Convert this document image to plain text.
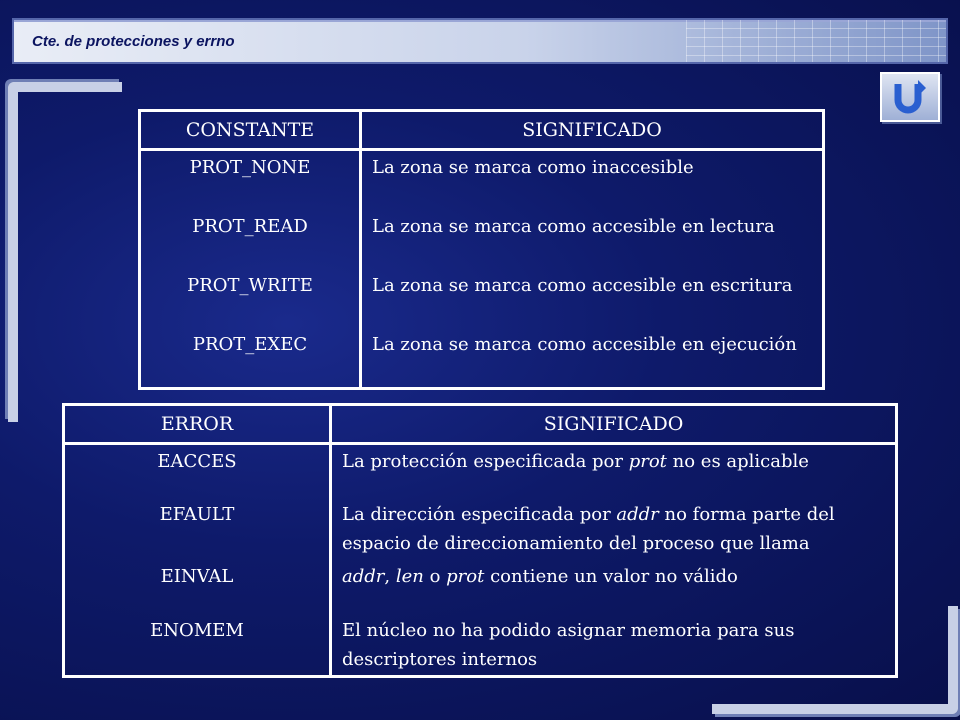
Cte. de protecciones y errno
CONSTANTE	SIGNIFICADO
PROT_NONE	La zona se marca como inaccesible
PROT_READ	La zona se marca como accesible en lectura
PROT_WRITE	La zona se marca como accesible en escritura
PROT_EXEC	La zona se marca como accesible en ejecución
ERROR	SIGNIFICADO
EACCES	La protección especificada por prot no es aplicable
EFAULT	La dirección especificada por addr no forma parte del espacio de direccionamiento del proceso que llama
EINVAL	addr, len o prot contiene un valor no válido
ENOMEM	El núcleo no ha podido asignar memoria para sus descriptores internos
